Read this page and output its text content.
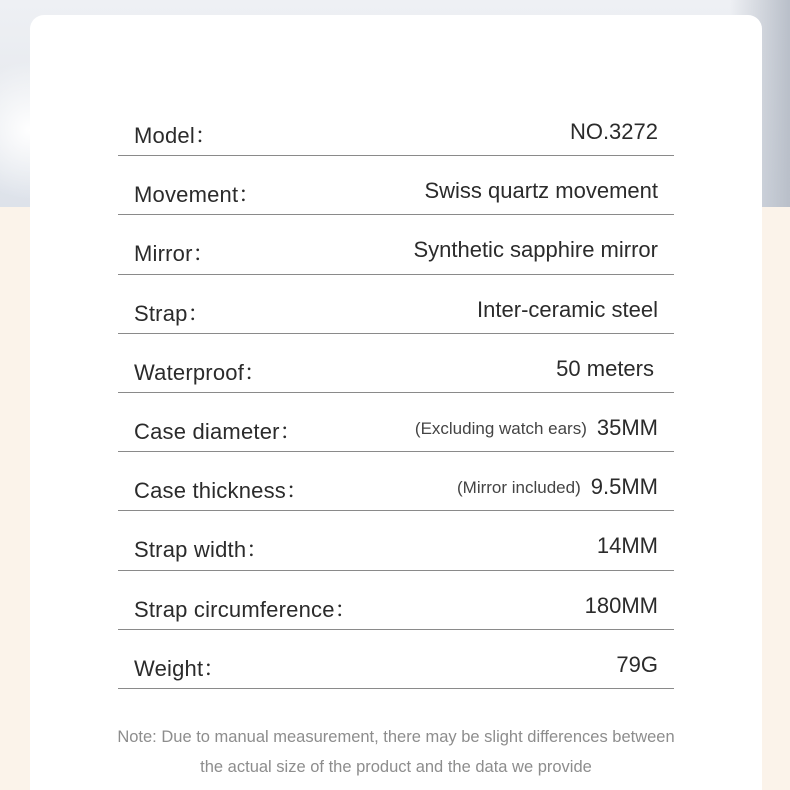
Model：	NO.3272
Movement：	Swiss quartz movement
Mirror：	Synthetic sapphire mirror
Strap：	Inter-ceramic steel
Waterproof：	50 meters
Case diameter：	(Excluding watch ears) 35MM
Case thickness：	(Mirror included) 9.5MM
Strap width：	14MM
Strap circumference：	180MM
Weight：	79G
Note: Due to manual measurement, there may be slight differences between
the actual size of the product and the data we provide
